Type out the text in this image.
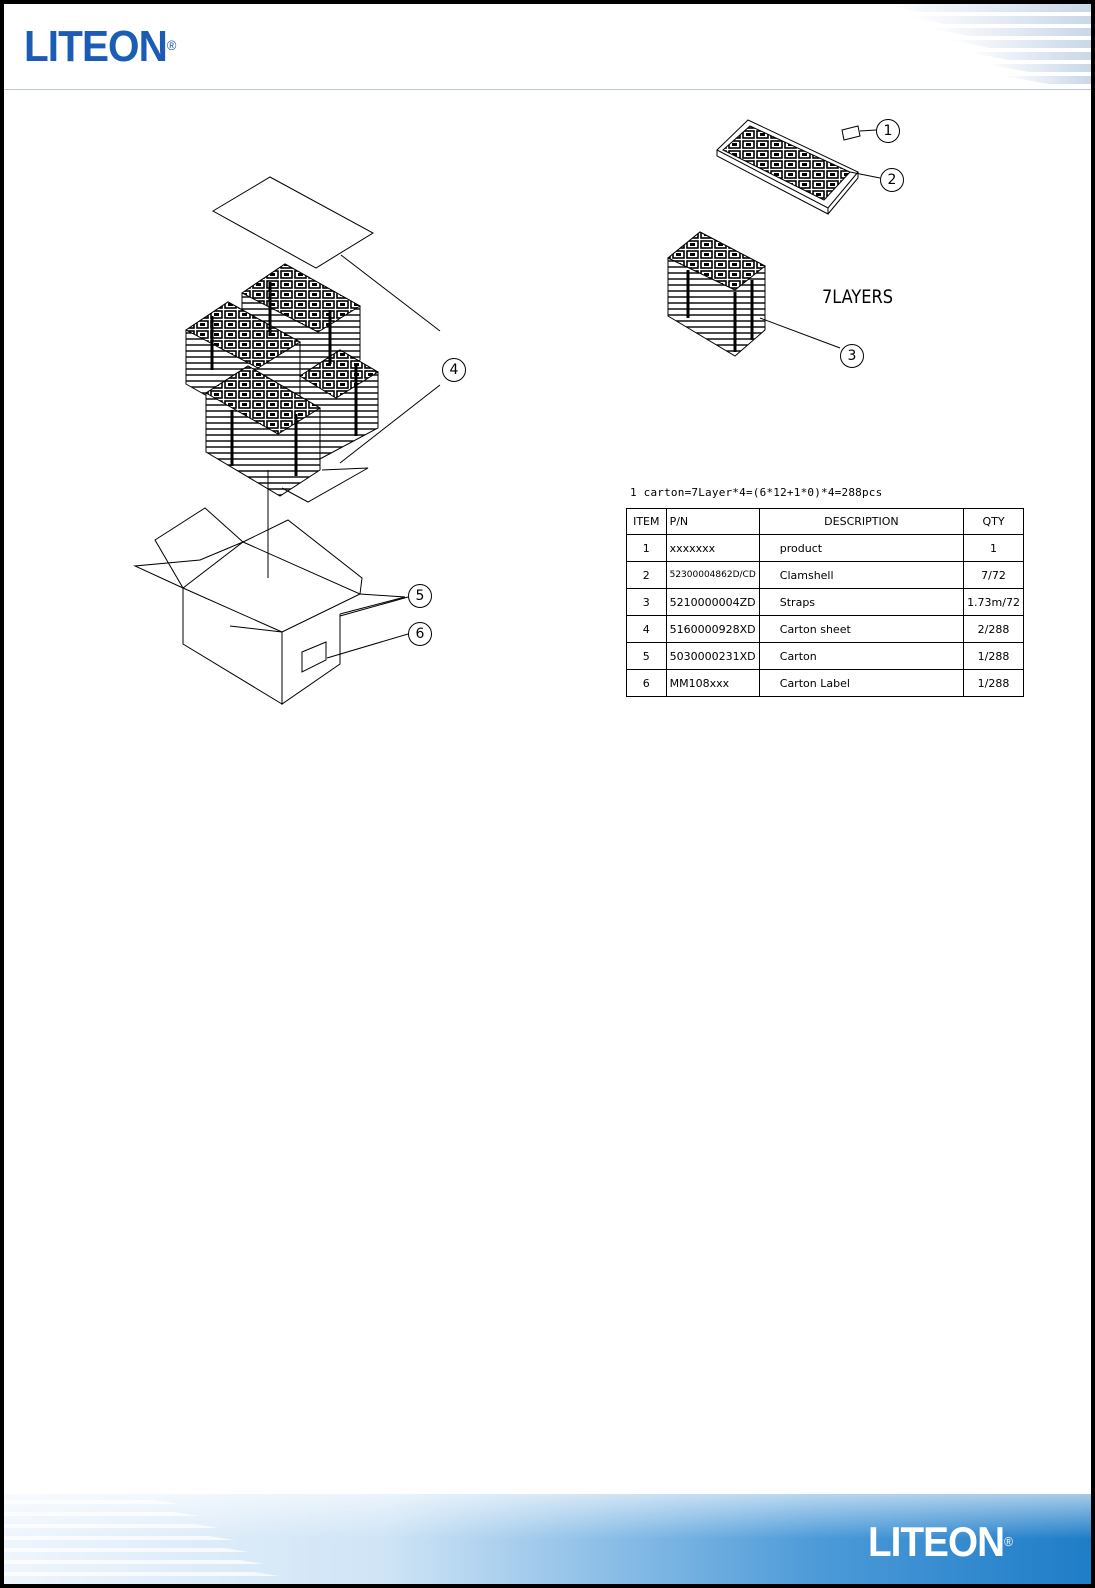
LITEON®
LITEON®
1
2
3
4
5
6
7LAYERS
1 carton=7Layer*4=(6*12+1*0)*4=288pcs
ITEM	P/N	DESCRIPTION	QTY
1	xxxxxxx	product	1
2	52300004862D/CD	Clamshell	7/72
3	5210000004ZD	Straps	1.73m/72
4	5160000928XD	Carton sheet	2/288
5	5030000231XD	Carton	1/288
6	MM108xxx	Carton Label	1/288
